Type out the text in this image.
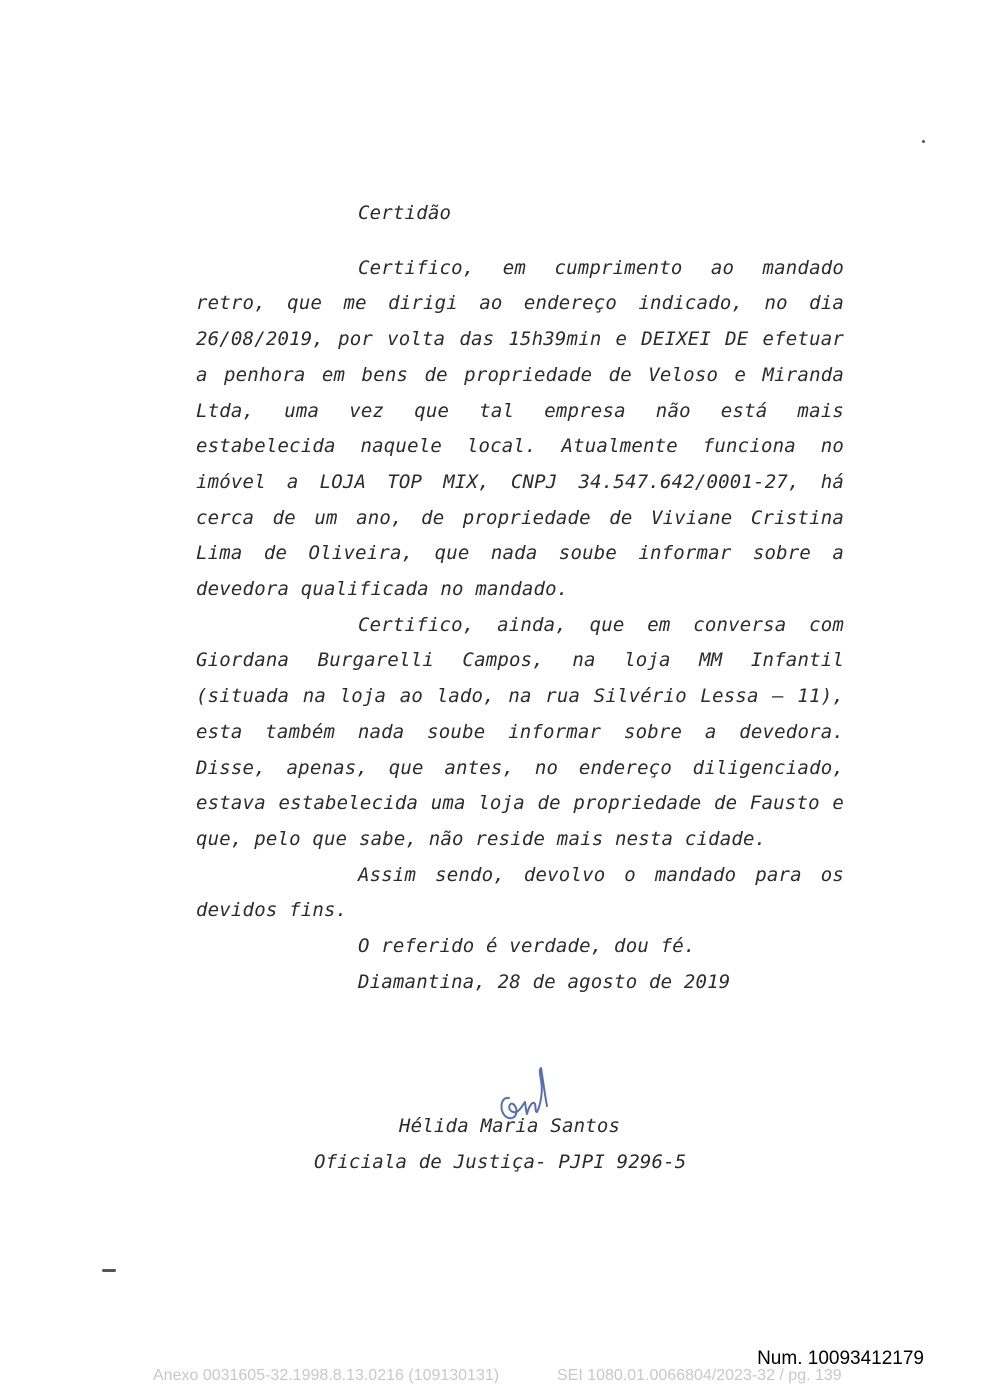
Certidão

Certifico, em cumprimento ao mandado retro, que me dirigi ao endereço indicado, no dia 26/08/2019, por volta das 15h39min e DEIXEI DE efetuar a penhora em bens de propriedade de Veloso e Miranda Ltda, uma vez que tal empresa não está mais estabelecida naquele local. Atualmente funciona no imóvel a LOJA TOP MIX, CNPJ 34.547.642/0001-27, há cerca de um ano, de propriedade de Viviane Cristina Lima de Oliveira, que nada soube informar sobre a devedora qualificada no mandado.

Certifico, ainda, que em conversa com Giordana Burgarelli Campos, na loja MM Infantil (situada na loja ao lado, na rua Silvério Lessa – 11), esta também nada soube informar sobre a devedora. Disse, apenas, que antes, no endereço diligenciado, estava estabelecida uma loja de propriedade de Fausto e que, pelo que sabe, não reside mais nesta cidade.

Assim sendo, devolvo o mandado para os devidos fins.

O referido é verdade, dou fé.

Diamantina, 28 de agosto de 2019

Hélida Maria Santos
Oficiala de Justiça- PJPI 9296-5
Num. 10093412179
Anexo 0031605-32.1998.8.13.0216 (109130131)	SEI 1080.01.0066804/2023-32 / pg. 139
